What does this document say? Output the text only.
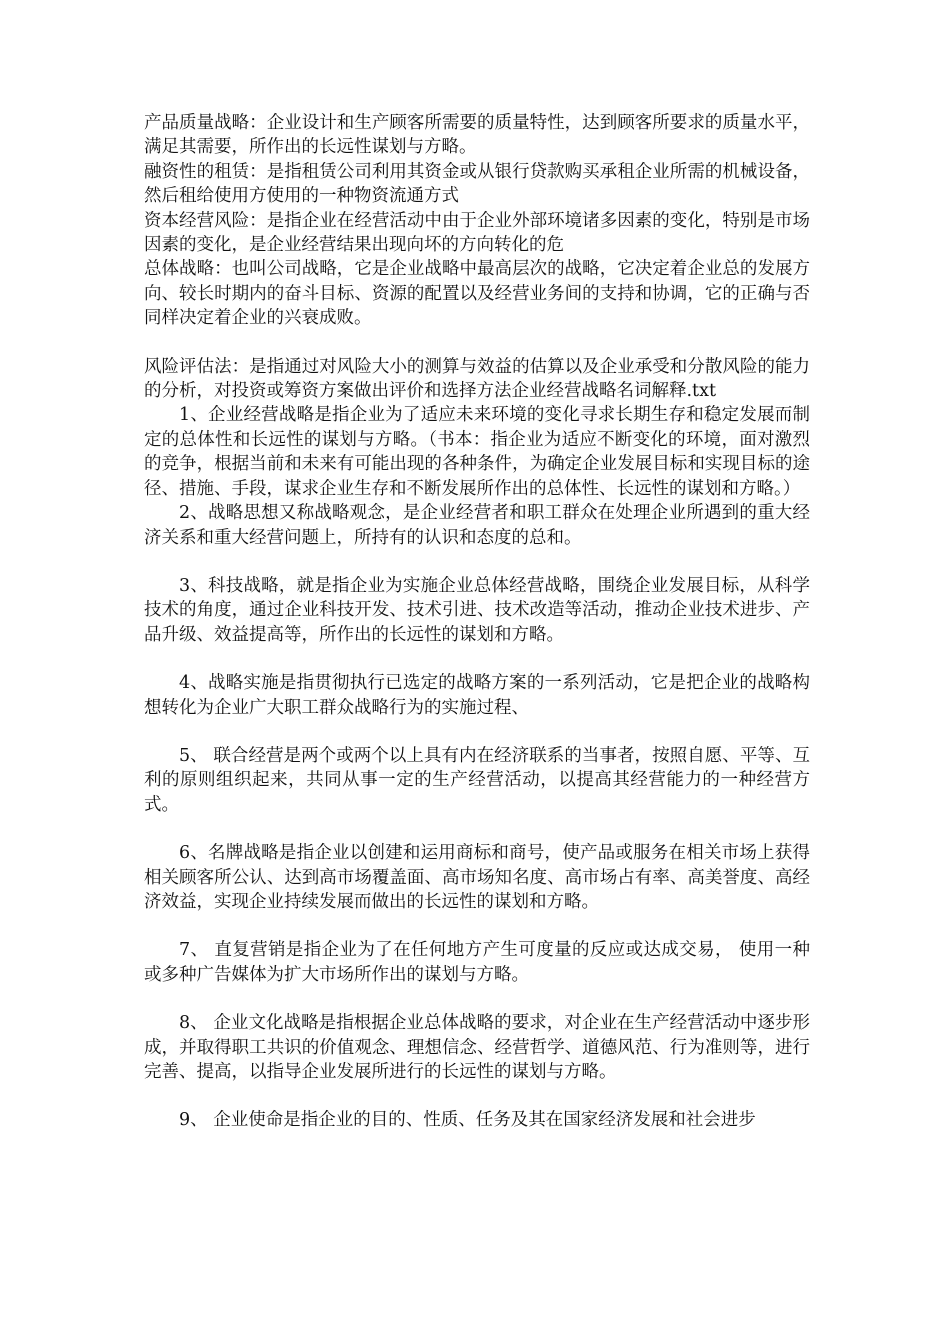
产品质量战略：企业设计和生产顾客所需要的质量特性，达到顾客所要求的质量水平，满足其需要，所作出的长远性谋划与方略。

融资性的租赁：是指租赁公司利用其资金或从银行贷款购买承租企业所需的机械设备，然后租给使用方使用的一种物资流通方式

资本经营风险：是指企业在经营活动中由于企业外部环境诸多因素的变化，特别是市场因素的变化，是企业经营结果出现向坏的方向转化的危

总体战略：也叫公司战略，它是企业战略中最高层次的战略，它决定着企业总的发展方向、较长时期内的奋斗目标、资源的配置以及经营业务间的支持和协调，它的正确与否同样决定着企业的兴衰成败。

风险评估法：是指通过对风险大小的测算与效益的估算以及企业承受和分散风险的能力的分析，对投资或筹资方案做出评价和选择方法企业经营战略名词解释.txt

1、企业经营战略是指企业为了适应未来环境的变化寻求长期生存和稳定发展而制定的总体性和长远性的谋划与方略。（书本：指企业为适应不断变化的环境，面对激烈的竞争，根据当前和未来有可能出现的各种条件，为确定企业发展目标和实现目标的途径、措施、手段，谋求企业生存和不断发展所作出的总体性、长远性的谋划和方略。）

2、战略思想又称战略观念，是企业经营者和职工群众在处理企业所遇到的重大经济关系和重大经营问题上，所持有的认识和态度的总和。

3、科技战略，就是指企业为实施企业总体经营战略，围绕企业发展目标，从科学技术的角度，通过企业科技开发、技术引进、技术改造等活动，推动企业技术进步、产品升级、效益提高等，所作出的长远性的谋划和方略。

4、战略实施是指贯彻执行已选定的战略方案的一系列活动，它是把企业的战略构想转化为企业广大职工群众战略行为的实施过程、

5、 联合经营是两个或两个以上具有内在经济联系的当事者，按照自愿、平等、互利的原则组织起来，共同从事一定的生产经营活动，以提高其经营能力的一种经营方式。

6、名牌战略是指企业以创建和运用商标和商号，使产品或服务在相关市场上获得相关顾客所公认、达到高市场覆盖面、高市场知名度、高市场占有率、高美誉度、高经济效益，实现企业持续发展而做出的长远性的谋划和方略。

7、 直复营销是指企业为了在任何地方产生可度量的反应或达成交易， 使用一种或多种广告媒体为扩大市场所作出的谋划与方略。

8、 企业文化战略是指根据企业总体战略的要求，对企业在生产经营活动中逐步形成，并取得职工共识的价值观念、理想信念、经营哲学、道德风范、行为准则等，进行完善、提高，以指导企业发展所进行的长远性的谋划与方略。

9、 企业使命是指企业的目的、性质、任务及其在国家经济发展和社会进步
